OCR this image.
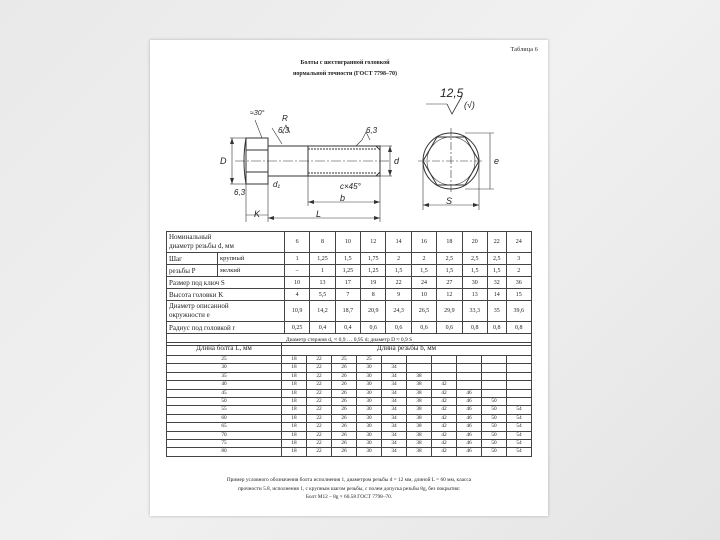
Таблица 6
Болты с шестигранной головкой
нормальной точности (ГОСТ 7798–70)
12,5
(√)
≈30°
R
6,3	6,3
D	d
d₁	c×45°
b
L
K
S
e
6,3
Номинальный
диаметр резьбы d, мм		6	8	10	12	14	16	18	20	22	24
Шаг	крупный	1	1,25	1,5	1,75	2	2	2,5	2,5	2,5	3
резьбы P	мелкий	–	1	1,25	1,25	1,5	1,5	1,5	1,5	1,5	2
Размер под ключ S		10	13	17	19	22	24	27	30	32	36
Высота головки K		4	5,5	7	8	9	10	12	13	14	15
Диаметр описанной
окружности e		10,9	14,2	18,7	20,9	24,3	26,5	29,9	33,3	35	39,6
Радиус под головкой r		0,25	0,4	0,4	0,6	0,6	0,6	0,6	0,8	0,8	0,8
Диаметр стержня d₁ ≈ 0,9 … 0,95 d; диаметр D ≈ 0,9 S											
Длина болта L, мм	Длина резьбы b, мм									
25	18	22	25	25						
30	18	22	26	30	34					
35	18	22	26	30	34	38				
40	18	22	26	30	34	38	42			
45	18	22	26	30	34	38	42	46		
50	18	22	26	30	34	38	42	46	50	
55	18	22	26	30	34	38	42	46	50	54
60	18	22	26	30	34	38	42	46	50	54
65	18	22	26	30	34	38	42	46	50	54
70	18	22	26	30	34	38	42	46	50	54
75	18	22	26	30	34	38	42	46	50	54
80	18	22	26	30	34	38	42	46	50	54
Пример условного обозначения болта исполнения 1, диаметром резьбы d = 12 мм, длиной L = 60 мм, класса
прочности 5.8, исполнения 1, с крупным шагом резьбы, с полем допуска резьбы 8g, без покрытия:
Болт М12 – 8g × 60.58 ГОСТ 7798–70.
